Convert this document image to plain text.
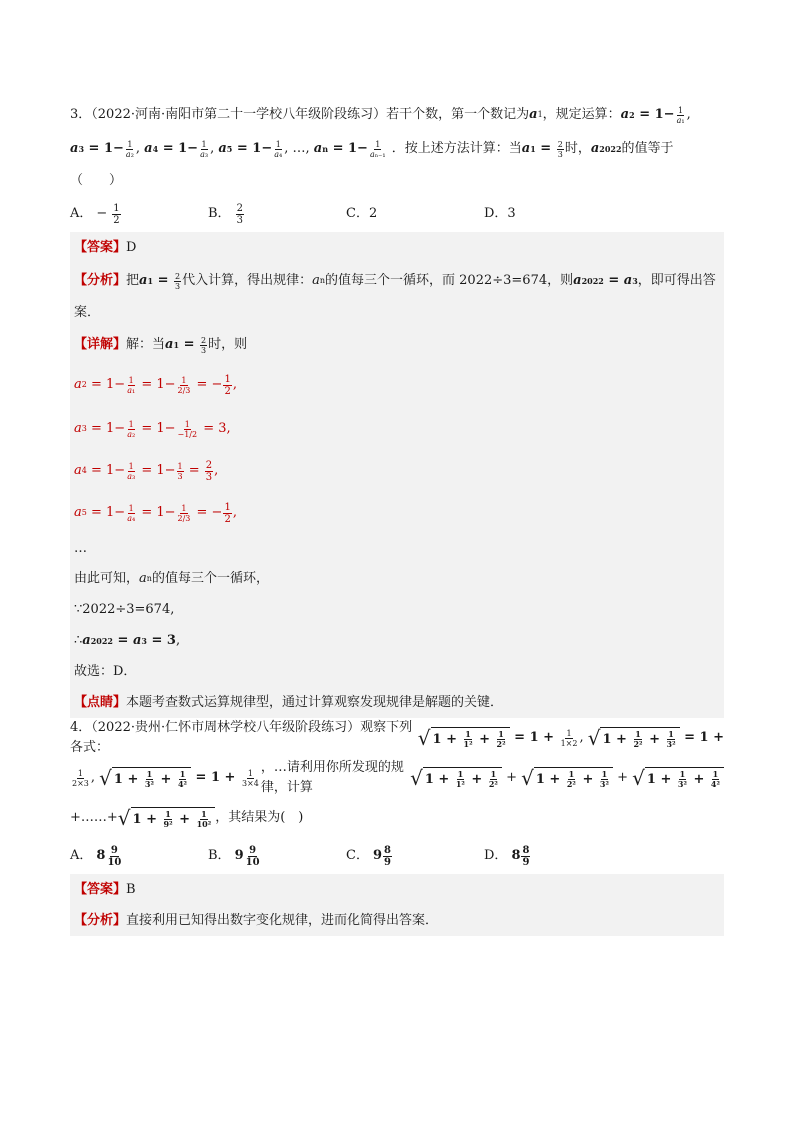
3．（2022·河南·南阳市第二十一学校八年级阶段练习）若干个数，第一个数记为 a 1 ，规定运算： a $2 = 1- \frac{1}{\text{a₁}}$ ,
a $3 = 1- \frac{1}{\text{a₂}}$ , a $4 = 1- \frac{1}{\text{a₃}}$ , a $5 = 1- \frac{1}{\text{a₄}}$ , …, a $n = 1- \frac{1}{\text{aₙ₋₁}}$
．按上述方法计算：当 a $1 = \frac{2}{3}$ 时， a 2022 的值等于
（　　）
A． − $\frac{1}{2}$	B． $\frac{2}{3}$	C．2	D．3
【答案】 D
【分析】 把 a $1 = \frac{2}{3}$ 代入计算，得出规律： a n 的值每三个一循环，而 2022÷3=674，则 a 2022 = a 3 ，即可得出答
案．
【详解】 解：当 a $1 = \frac{2}{3}$ 时，则
a $2 = 1- \frac{1}{\text{a₁}} = 1- \frac{1}{2/3}$ = − $\frac{1}{2}$ ,
a $3 = 1- \frac{1}{\text{a₂}} = 1- \frac{1}{-1/2} = 3$,
a $4 = 1- \frac{1}{\text{a₃}} = 1- \frac{1}{3} = \frac{2}{3}$ ,
a $5 = 1- \frac{1}{\text{a₄}} = 1- \frac{1}{2/3}$ = − $\frac{1}{2}$ ,
…
由此可知， a n 的值每三个一循环，
∵2022÷3=674,
∴ a 2022 = a 3 = 3 ,
故选：D．
【点睛】 本题考查数式运算规律型，通过计算观察发现规律是解题的关键．
4．（2022·贵州·仁怀市周林学校八年级阶段练习）观察下列各式：	√ $1 + \frac{1}{\text{1²}} + \frac{1}{\text{2²}} = 1 + \frac{1}{1\times 2}$ , √ $1 + \frac{1}{\text{2²}} + \frac{1}{\text{3²}} = 1$ +
$\frac{1}{2\times 3}$ , √ $1 + \frac{1}{\text{3²}} + \frac{1}{\text{4²}} = 1 + \frac{1}{3\times 4}$
，…请利用你所发现的规律，计算	√ $1 + \frac{1}{\text{1²}} + \frac{1}{\text{2²}}$ + √ $1 + \frac{1}{\text{2²}} + \frac{1}{\text{3²}}$ + √ $1 + \frac{1}{\text{3²}} + \frac{1}{\text{4²}}$
+……+ √ $1 + \frac{1}{\text{9²}} + \frac{1}{\text{10²}}$ ，其结果为(　)
A． $8 \frac{9}{10}$	B． $9 \frac{9}{10}$	C． $9 \frac{8}{9}$	D． $8 \frac{8}{9}$
【答案】 B
【分析】 直接利用已知得出数字变化规律，进而化简得出答案．
